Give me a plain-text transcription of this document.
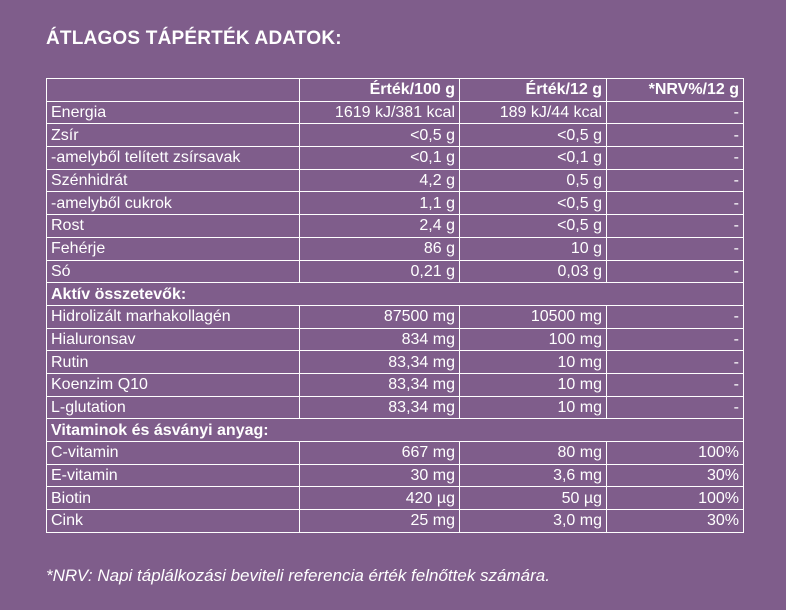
ÁTLAGOS TÁPÉRTÉK ADATOK:
	Érték/100 g	Érték/12 g	*NRV%/12 g
Energia	1619 kJ/381 kcal	189 kJ/44 kcal	-
Zsír	<0,5 g	<0,5 g	-
-amelyből telített zsírsavak	<0,1 g	<0,1 g	-
Szénhidrát	4,2 g	0,5 g	-
-amelyből cukrok	1,1 g	<0,5 g	-
Rost	2,4 g	<0,5 g	-
Fehérje	86 g	10 g	-
Só	0,21 g	0,03 g	-
Aktív összetevők:			
Hidrolizált marhakollagén	87500 mg	10500 mg	-
Hialuronsav	834 mg	100 mg	-
Rutin	83,34 mg	10 mg	-
Koenzim Q10	83,34 mg	10 mg	-
L-glutation	83,34 mg	10 mg	-
Vitaminok és ásványi anyag:			
C-vitamin	667 mg	80 mg	100%
E-vitamin	30 mg	3,6 mg	30%
Biotin	420 µg	50 µg	100%
Cink	25 mg	3,0 mg	30%
*NRV: Napi táplálkozási beviteli referencia érték felnőttek számára.
